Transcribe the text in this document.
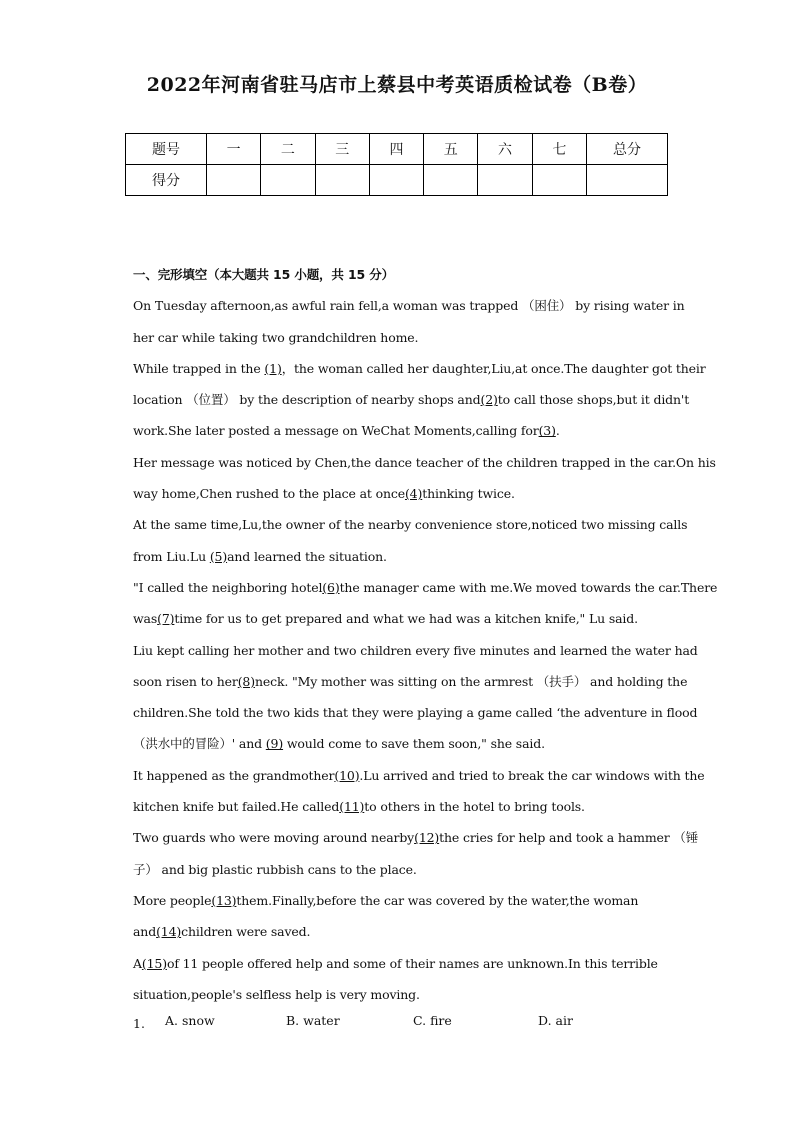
2022年河南省驻马店市上蔡县中考英语质检试卷（B卷）
题号	一	二	三	四	五	六	七	总分
得分								
一、完形填空（本大题共 15 小题，共 15 分）
On Tuesday afternoon,as awful rain fell,a woman was trapped （困住） by rising water in
her car while taking two grandchildren home.
While trapped in the (1)，the woman called her daughter,Liu,at once.The daughter got their
location （位置） by the description of nearby shops and(2)to call those shops,but it didn't
work.She later posted a message on WeChat Moments,calling for(3).
Her message was noticed by Chen,the dance teacher of the children trapped in the car.On his
way home,Chen rushed to the place at once(4)thinking twice.
At the same time,Lu,the owner of the nearby convenience store,noticed two missing calls
from Liu.Lu (5)and learned the situation.
"I called the neighboring hotel(6)the manager came with me.We moved towards the car.There
was(7)time for us to get prepared and what we had was a kitchen knife," Lu said.
Liu kept calling her mother and two children every five minutes and learned the water had
soon risen to her(8)neck. "My mother was sitting on the armrest （扶手） and holding the
children.She told the two kids that they were playing a game called ‘the adventure in flood
（洪水中的冒险）' and (9) would come to save them soon," she said.
It happened as the grandmother(10).Lu arrived and tried to break the car windows with the
kitchen knife but failed.He called(11)to others in the hotel to bring tools.
Two guards who were moving around nearby(12)the cries for help and took a hammer （锤
子） and big plastic rubbish cans to the place.
More people(13)them.Finally,before the car was covered by the water,the woman
and(14)children were saved.
A(15)of 11 people offered help and some of their names are unknown.In this terrible
situation,people's selfless help is very moving.
1. A. snow	B. water	C. fire	D. air
